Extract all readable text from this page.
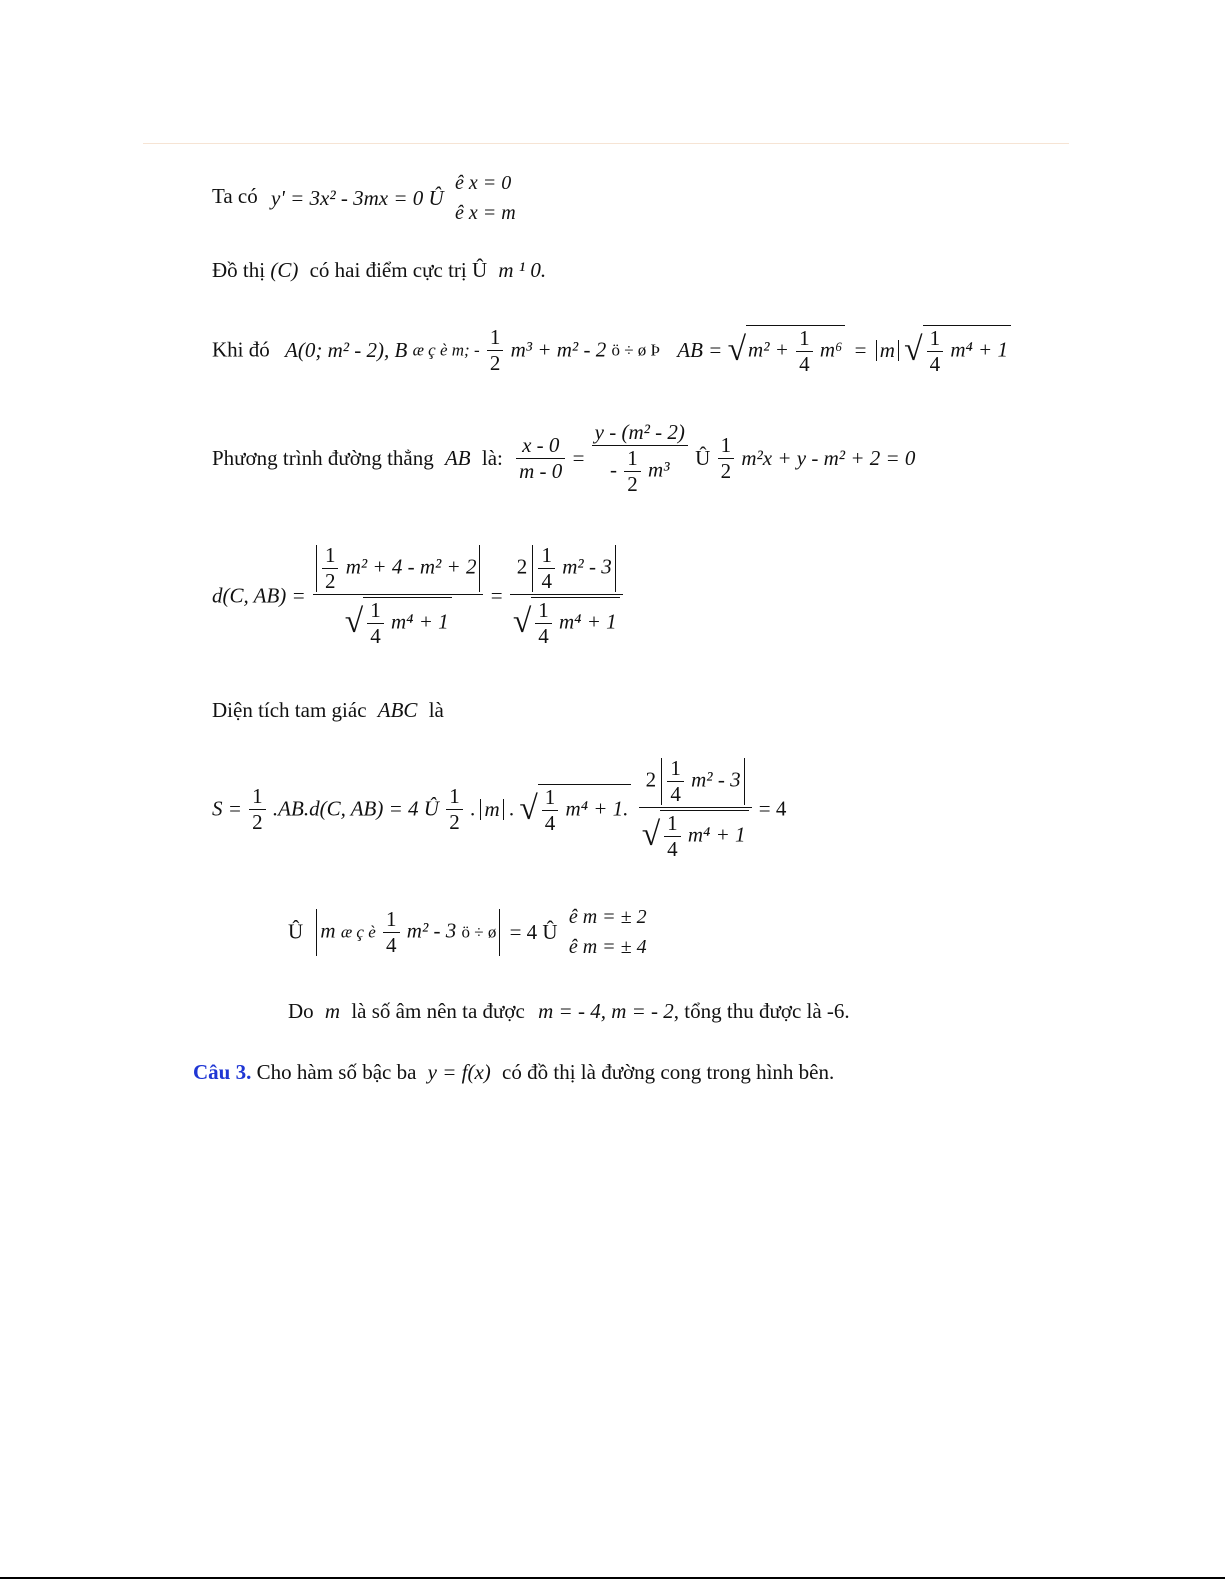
Ta có y' = 3x² - 3mx = 0 Û
ê x = 0
ê x = m
Đồ thị (C) có hai điểm cực trị Û m ¹ 0.
Khi đó A(0; m² - 2), B æ ç è m; - $\frac{1}{2} m^3 + m^2 - 2$ ö ÷ ø Þ AB = $√m^2 + \frac{1}{4} m^6 = m$ √ $\frac{1}{4} m^4 + 1$
Phương trình đường thẳng AB là: $\frac{x - 0}{m - 0} = \frac{\text{y - (m² - 2)}}{- \frac{1}{2} m^3}$ Û $\frac{1}{2} m^2x + y - m^2 + 2 = 0$
d(C, AB) =
$\frac{1}{2} m^2 + 4 - m^2 + 2$
√ $\frac{1}{4} m^4 + 1$
=
$2 \frac{1}{4} m^2 - 3$
√ $\frac{1}{4} m^4 + 1$
Diện tích tam giác ABC là
$S = \frac{1}{2} .AB.d(C$, AB) = 4 Û $\frac{1}{2}$ . m . √ $\frac{1}{4} m^4 + 1$.
$2 \frac{1}{4} m^2 - 3$
√ $\frac{1}{4} m^4 + 1$
= 4
Û m æ ç è $\frac{1}{4} m^2 - 3$ ö ÷ ø = 4 Û
ê m = ± 2
ê m = ± 4
Do m là số âm nên ta được m = - 4, m = - 2, tổng thu được là -6.
Câu 3. Cho hàm số bậc ba y = f(x) có đồ thị là đường cong trong hình bên.
